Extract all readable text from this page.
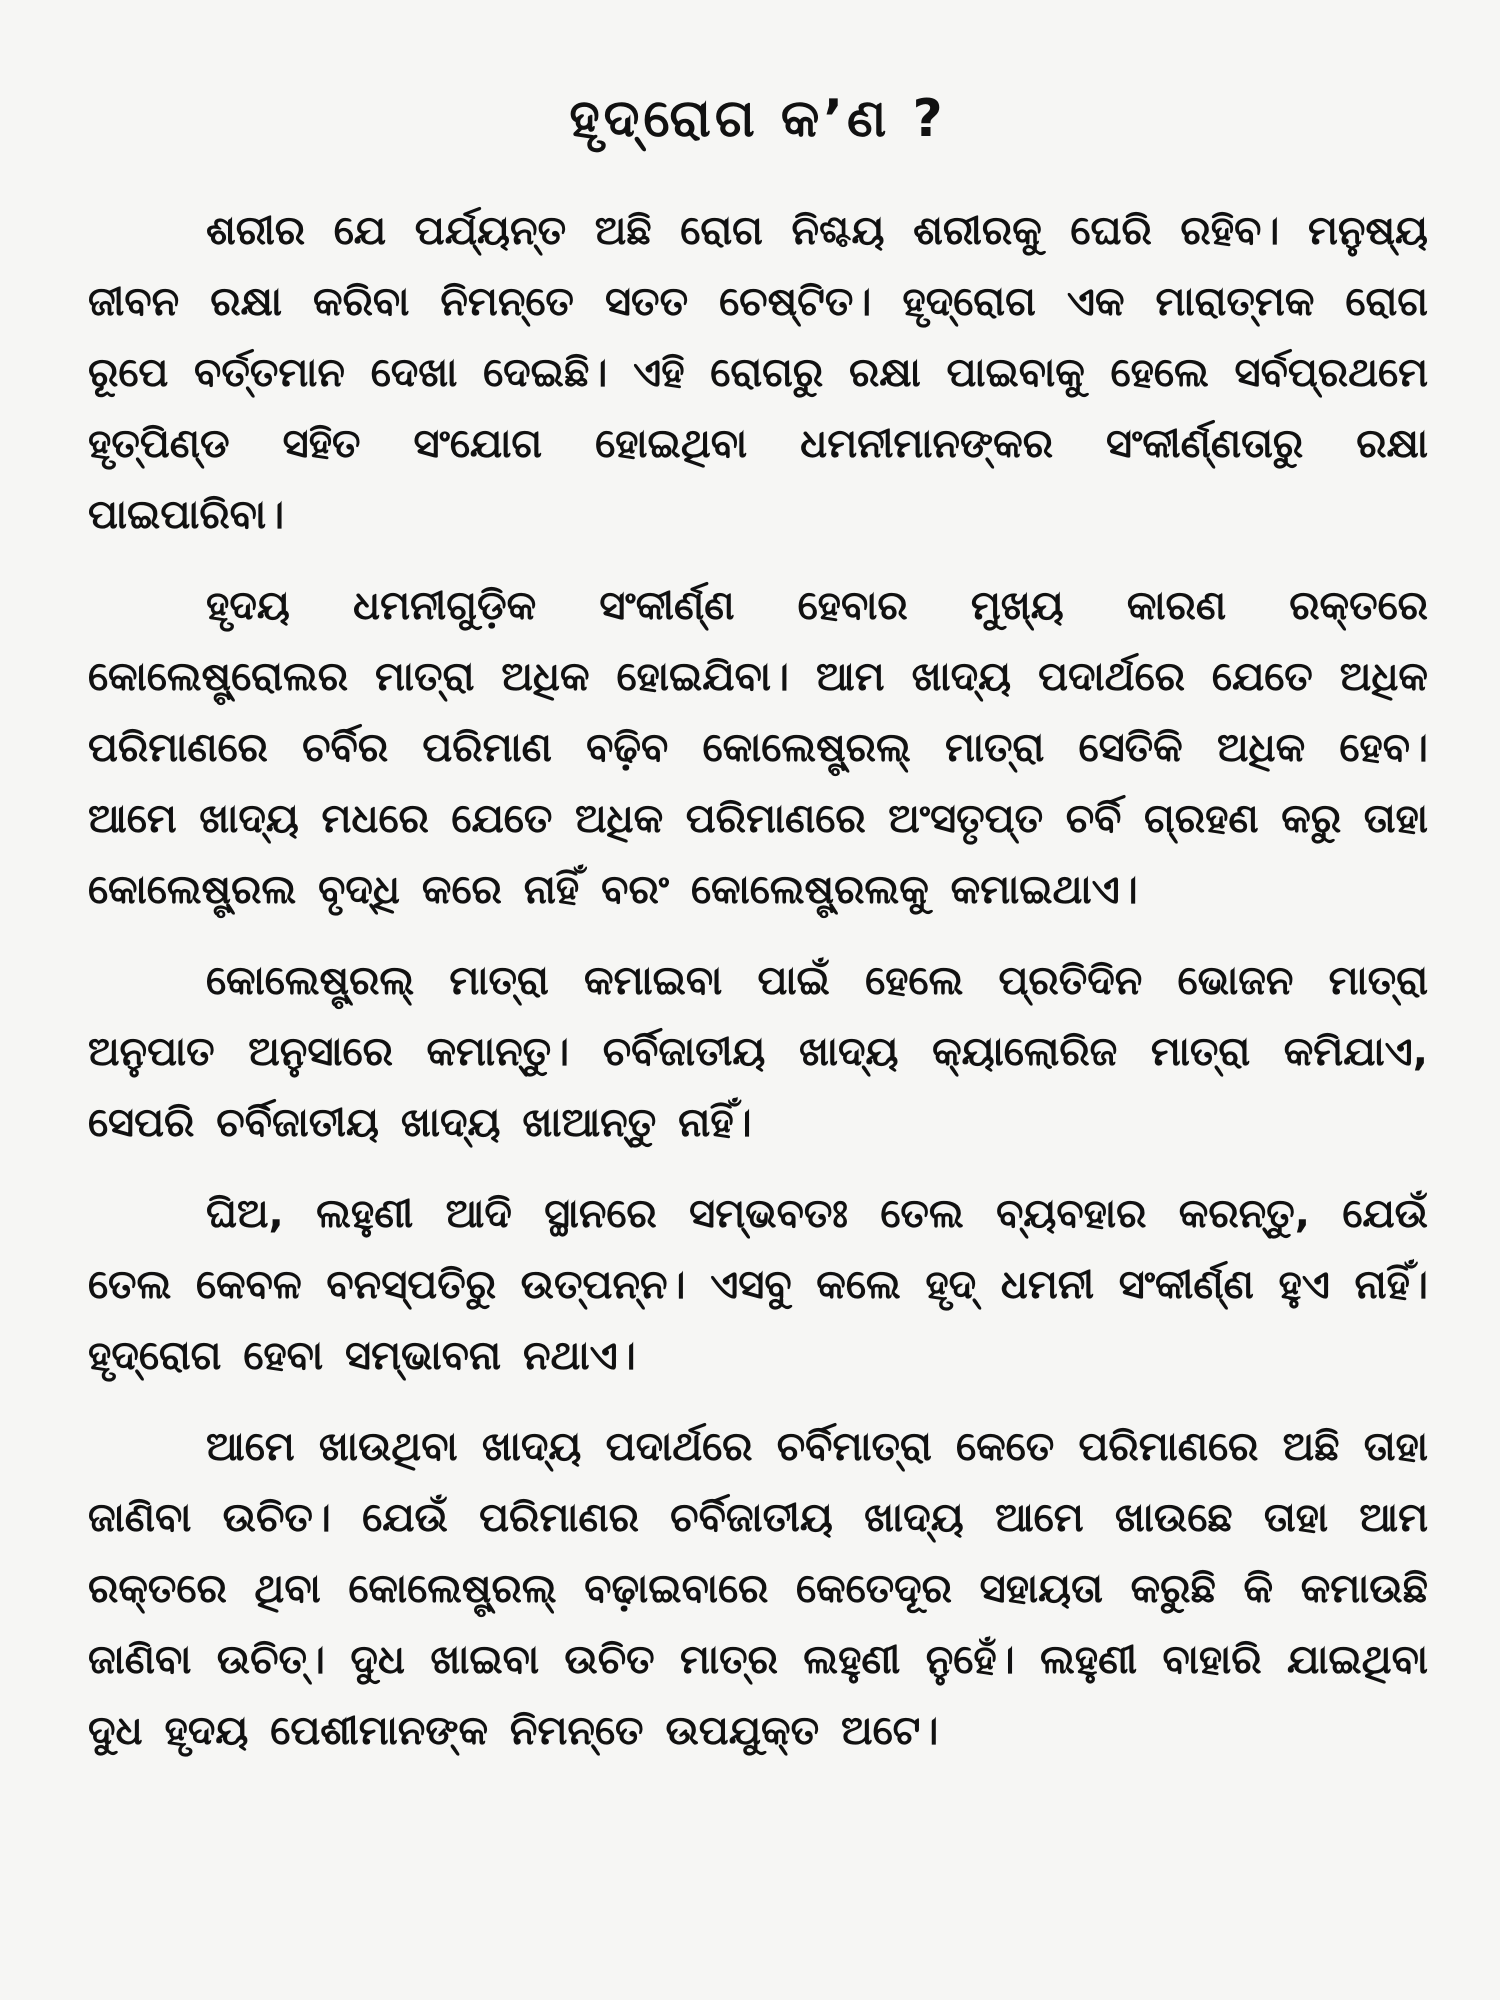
ହୃଦ୍‌ରୋଗ କ’ଣ ?

ଶରୀର ଯେ ପର୍ଯ୍ୟନ୍ତ ଅଛି ରୋଗ ନିଶ୍ଚୟ ଶରୀରକୁ ଘେରି ରହିବ। ମନୁଷ୍ୟ ଜୀବନ ରକ୍ଷା କରିବା ନିମନ୍ତେ ସତତ ଚେଷ୍ଟିତ। ହୃଦ୍‌ରୋଗ ଏକ ମାରାତ୍ମକ ରୋଗ ରୂପେ ବର୍ତ୍ତମାନ ଦେଖା ଦେଇଛି। ଏହି ରୋଗରୁ ରକ୍ଷା ପାଇବାକୁ ହେଲେ ସର୍ବପ୍ରଥମେ ହୃତ୍‌ପିଣ୍ଡ ସହିତ ସଂଯୋଗ ହୋଇଥିବା ଧମନୀମାନଙ୍କର ସଂକୀର୍ଣ୍ଣତାରୁ ରକ୍ଷା ପାଇପାରିବା।

ହୃଦୟ ଧମନୀଗୁଡ଼ିକ ସଂକୀର୍ଣ୍ଣ ହେବାର ମୁଖ୍ୟ କାରଣ ରକ୍ତରେ କୋଲେଷ୍ଟ୍ରୋଲର ମାତ୍ରା ଅଧିକ ହୋଇଯିବା। ଆମ ଖାଦ୍ୟ ପଦାର୍ଥରେ ଯେତେ ଅଧିକ ପରିମାଣରେ ଚର୍ବିର ପରିମାଣ ବଢ଼ିବ କୋଲେଷ୍ଟ୍ରଲ୍ ମାତ୍ରା ସେତିକି ଅଧିକ ହେବ। ଆମେ ଖାଦ୍ୟ ମଧରେ ଯେତେ ଅଧିକ ପରିମାଣରେ ଅଂସତୃପ୍ତ ଚର୍ବି ଗ୍ରହଣ କରୁ ତାହା କୋଲେଷ୍ଟ୍ରଲ ବୃଦ୍ଧି କରେ ନାହିଁ ବରଂ କୋଲେଷ୍ଟ୍ରଲକୁ କମାଇଥାଏ।

କୋଲେଷ୍ଟ୍ରଲ୍ ମାତ୍ରା କମାଇବା ପାଇଁ ହେଲେ ପ୍ରତିଦିନ ଭୋଜନ ମାତ୍ରା ଅନୁପାତ ଅନୁସାରେ କମାନ୍ତୁ। ଚର୍ବିଜାତୀୟ ଖାଦ୍ୟ କ୍ୟାଲୋରିଜ ମାତ୍ରା କମିଯାଏ, ସେପରି ଚର୍ବିଜାତୀୟ ଖାଦ୍ୟ ଖାଆନ୍ତୁ ନାହିଁ।

ଘିଅ, ଲହୁଣୀ ଆଦି ସ୍ଥାନରେ ସମ୍ଭବତଃ ତେଲ ବ୍ୟବହାର କରନ୍ତୁ, ଯେଉଁ ତେଲ କେବଳ ବନସ୍ପତିରୁ ଉତ୍ପନ୍ନ। ଏସବୁ କଲେ ହୃଦ୍ ଧମନୀ ସଂକୀର୍ଣ୍ଣ ହୁଏ ନାହିଁ। ହୃଦ୍‌ରୋଗ ହେବା ସମ୍ଭାବନା ନଥାଏ।

ଆମେ ଖାଉଥିବା ଖାଦ୍ୟ ପଦାର୍ଥରେ ଚର୍ବିମାତ୍ରା କେତେ ପରିମାଣରେ ଅଛି ତାହା ଜାଣିବା ଉଚିତ। ଯେଉଁ ପରିମାଣର ଚର୍ବିଜାତୀୟ ଖାଦ୍ୟ ଆମେ ଖାଉଛେ ତାହା ଆମ ରକ୍ତରେ ଥିବା କୋଲେଷ୍ଟ୍ରଲ୍ ବଢ଼ାଇବାରେ କେତେଦୂର ସହାୟତା କରୁଛି କି କମାଉଛି ଜାଣିବା ଉଚିତ୍। ଦୁଧ ଖାଇବା ଉଚିତ ମାତ୍ର ଲହୁଣୀ ନୁହେଁ। ଲହୁଣୀ ବାହାରି ଯାଇଥିବା ଦୁଧ ହୃଦୟ ପେଶୀମାନଙ୍କ ନିମନ୍ତେ ଉପଯୁକ୍ତ ଅଟେ।
